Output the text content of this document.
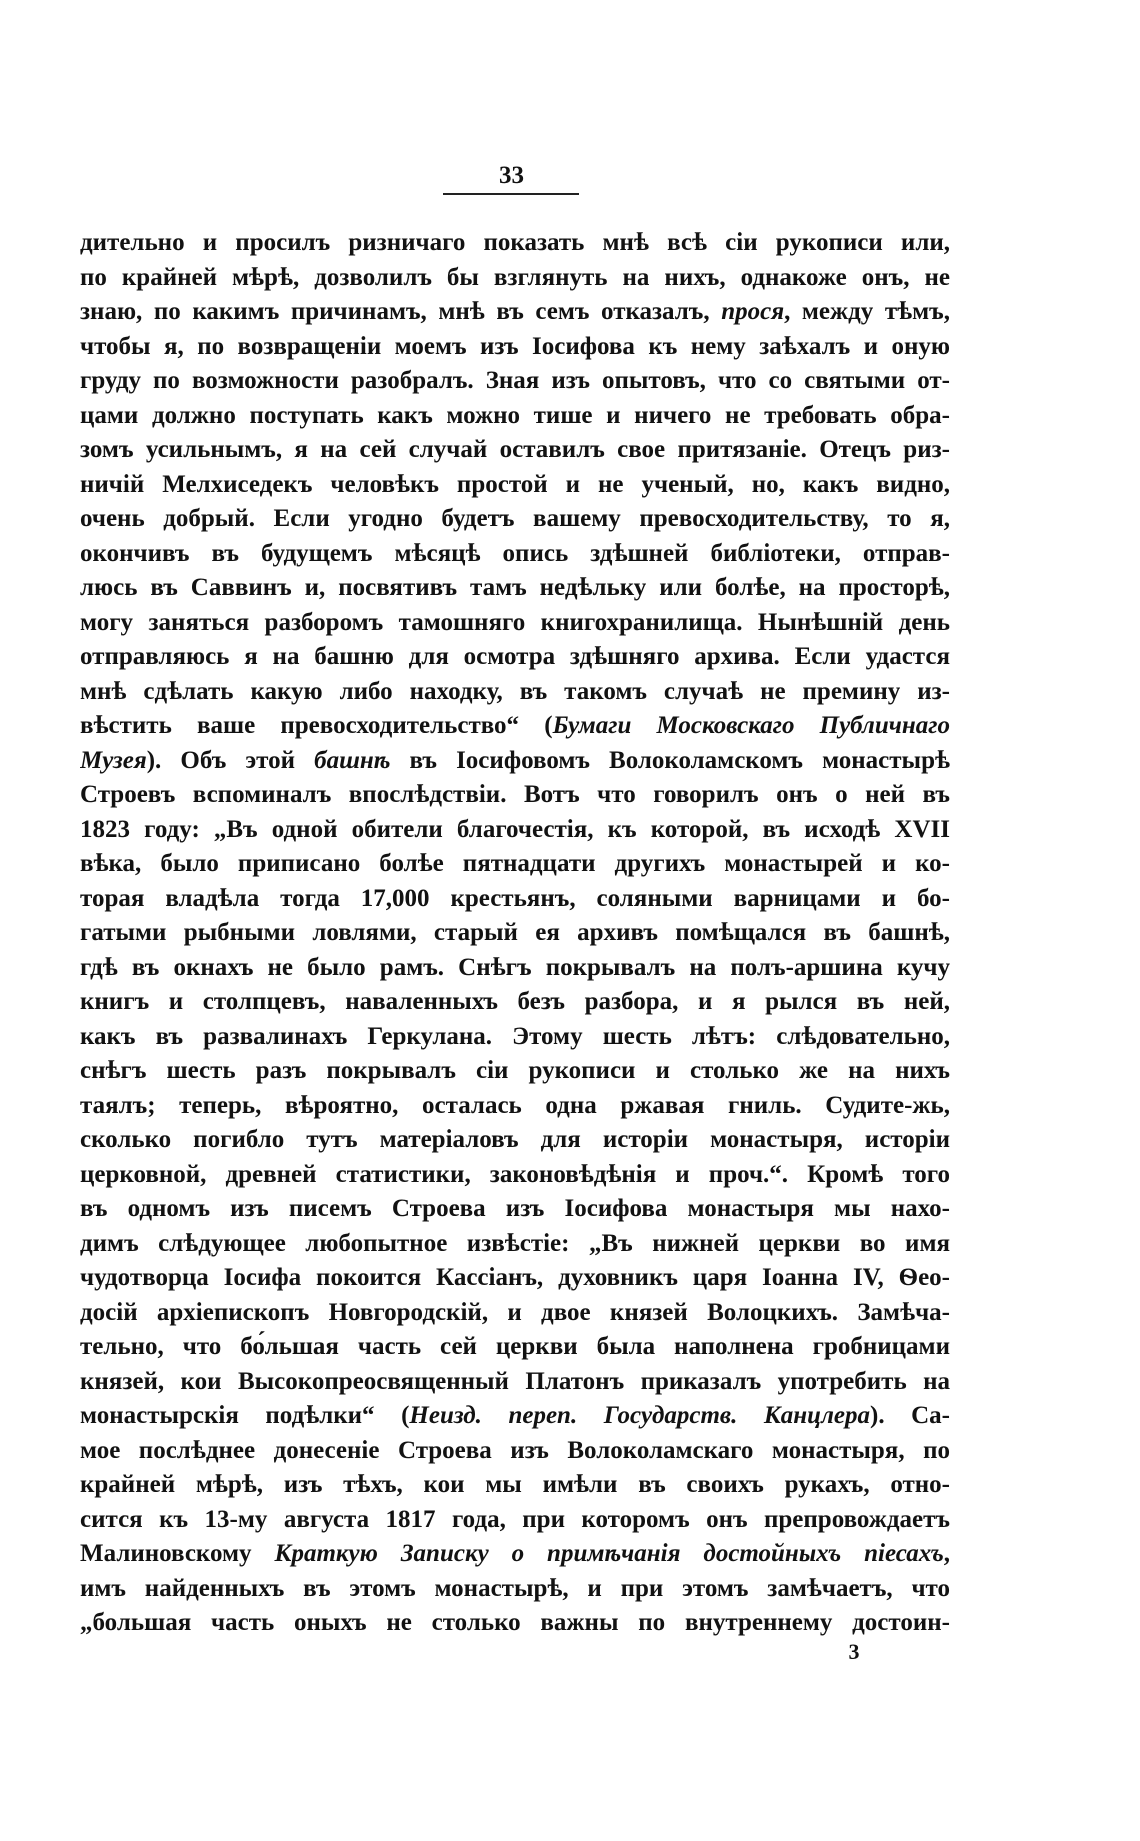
33
дительно и просилъ ризничаго показать мнѣ всѣ сіи рукописи или,
по крайней мѣрѣ, дозволилъ бы взглянуть на нихъ, однакоже онъ, не
знаю, по какимъ причинамъ, мнѣ въ семъ отказалъ, прося, между тѣмъ,
чтобы я, по возвращеніи моемъ изъ Іосифова къ нему заѣхалъ и оную
груду по возможности разобралъ. Зная изъ опытовъ, что со святыми от-
цами должно поступать какъ можно тише и ничего не требовать обра-
зомъ усильнымъ, я на сей случай оставилъ свое притязаніе. Отецъ риз-
ничій Мелхиседекъ человѣкъ простой и не ученый, но, какъ видно,
очень добрый. Если угодно будетъ вашему превосходительству, то я,
окончивъ въ будущемъ мѣсяцѣ опись здѣшней библіотеки, отправ-
люсь въ Саввинъ и, посвятивъ тамъ недѣльку или болѣе, на просторѣ,
могу заняться разборомъ тамошняго книгохранилища. Нынѣшній день
отправляюсь я на башню для осмотра здѣшняго архива. Если удастся
мнѣ сдѣлать какую либо находку, въ такомъ случаѣ не премину из-
вѣстить ваше превосходительство“ (Бумаги Московскаго Публичнаго
Музея). Объ этой башнѣ въ Іосифовомъ Волоколамскомъ монастырѣ
Строевъ вспоминалъ впослѣдствіи. Вотъ что говорилъ онъ о ней въ
1823 году: „Въ одной обители благочестія, къ которой, въ исходѣ XVII
вѣка, было приписано болѣе пятнадцати другихъ монастырей и ко-
торая владѣла тогда 17,000 крестьянъ, соляными варницами и бо-
гатыми рыбными ловлями, старый ея архивъ помѣщался въ башнѣ,
гдѣ въ окнахъ не было рамъ. Снѣгъ покрывалъ на полъ-аршина кучу
книгъ и столпцевъ, наваленныхъ безъ разбора, и я рылся въ ней,
какъ въ развалинахъ Геркулана. Этому шесть лѣтъ: слѣдовательно,
снѣгъ шесть разъ покрывалъ сіи рукописи и столько же на нихъ
таялъ; теперь, вѣроятно, осталась одна ржавая гниль. Судите-жь,
сколько погибло тутъ матеріаловъ для исторіи монастыря, исторіи
церковной, древней статистики, законовѣдѣнія и проч.“. Кромѣ того
въ одномъ изъ писемъ Строева изъ Іосифова монастыря мы нахо-
димъ слѣдующее любопытное извѣстіе: „Въ нижней церкви во имя
чудотворца Іосифа покоится Кассіанъ, духовникъ царя Іоанна IV, Ѳео-
досій архіепископъ Новгородскій, и двое князей Волоцкихъ. Замѣча-
тельно, что бо́льшая часть сей церкви была наполнена гробницами
князей, кои Высокопреосвященный Платонъ приказалъ употребить на
монастырскія подѣлки“ (Неизд. переп. Государств. Канцлера). Са-
мое послѣднее донесеніе Строева изъ Волоколамскаго монастыря, по
крайней мѣрѣ, изъ тѣхъ, кои мы имѣли въ своихъ рукахъ, отно-
сится къ 13-му августа 1817 года, при которомъ онъ препровождаетъ
Малиновскому Краткую Записку о примѣчанія достойныхъ піесахъ,
имъ найденныхъ въ этомъ монастырѣ, и при этомъ замѣчаетъ, что
„большая часть оныхъ не столько важны по внутреннему достоин-
3
